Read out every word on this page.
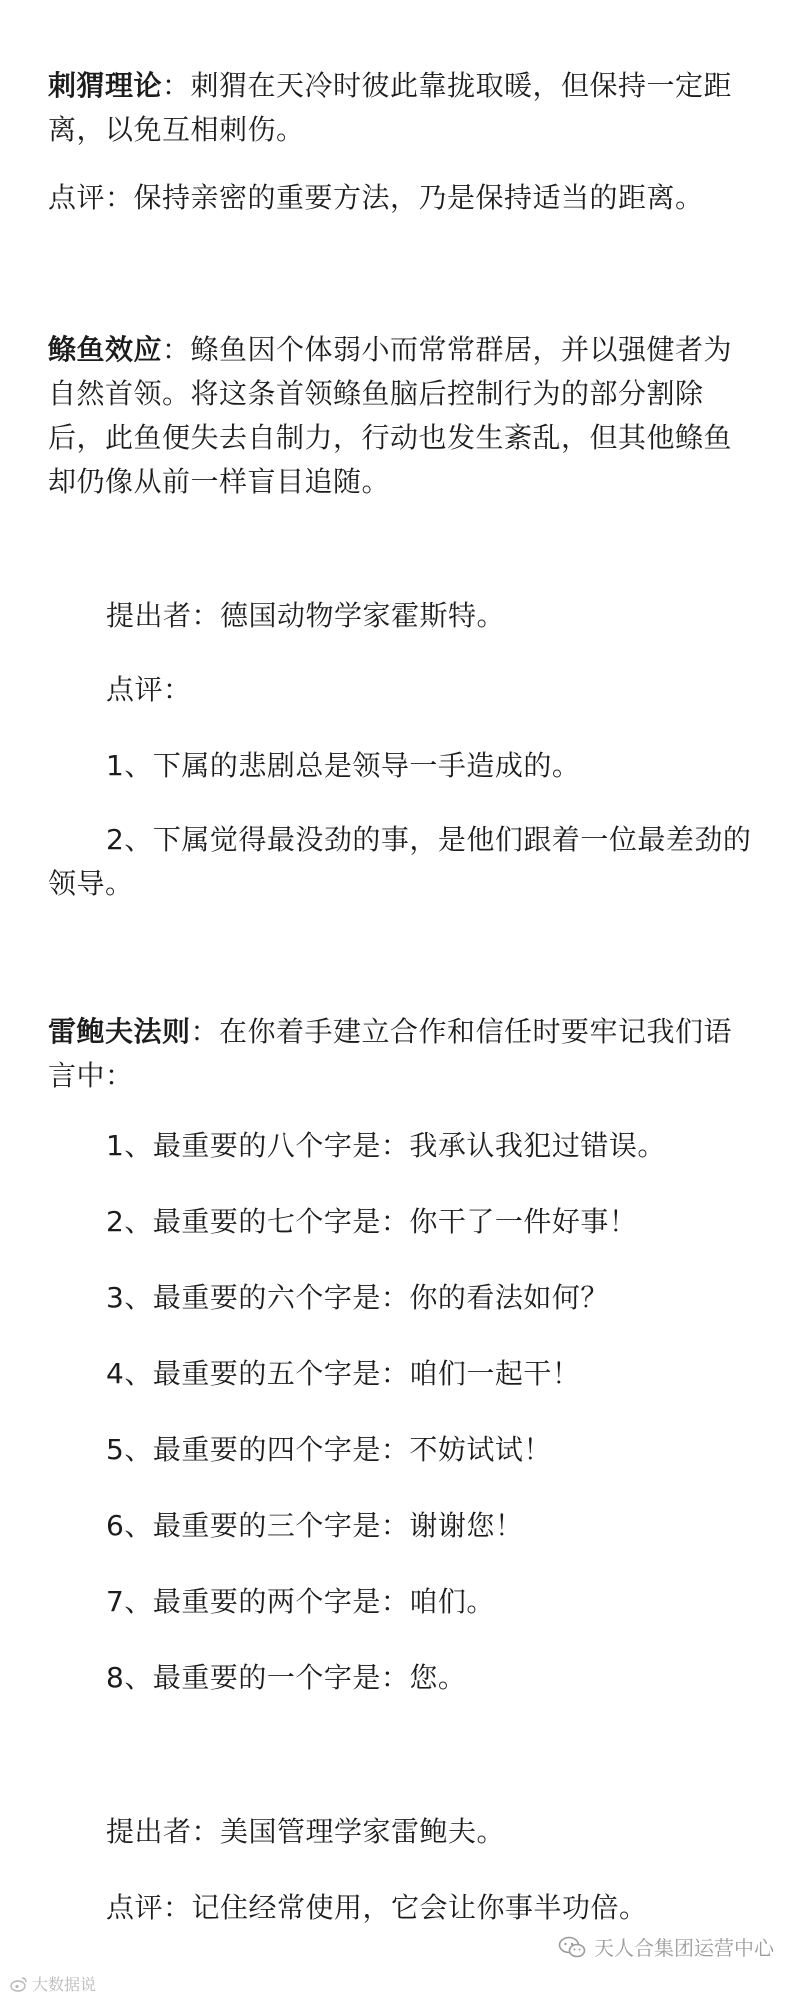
刺猬理论：刺猬在天冷时彼此靠拢取暖，但保持一定距离，以免互相刺伤。

点评：保持亲密的重要方法，乃是保持适当的距离。

鲦鱼效应：鲦鱼因个体弱小而常常群居，并以强健者为自然首领。将这条首领鲦鱼脑后控制行为的部分割除后，此鱼便失去自制力，行动也发生紊乱，但其他鲦鱼却仍像从前一样盲目追随。

提出者：德国动物学家霍斯特。

点评：

1、下属的悲剧总是领导一手造成的。

2、下属觉得最没劲的事，是他们跟着一位最差劲的领导。

雷鲍夫法则：在你着手建立合作和信任时要牢记我们语言中：

1、最重要的八个字是：我承认我犯过错误。

2、最重要的七个字是：你干了一件好事！

3、最重要的六个字是：你的看法如何？

4、最重要的五个字是：咱们一起干！

5、最重要的四个字是：不妨试试！

6、最重要的三个字是：谢谢您！

7、最重要的两个字是：咱们。

8、最重要的一个字是：您。

提出者：美国管理学家雷鲍夫。

点评：记住经常使用，它会让你事半功倍。

天人合集团运营中心
大数据说
